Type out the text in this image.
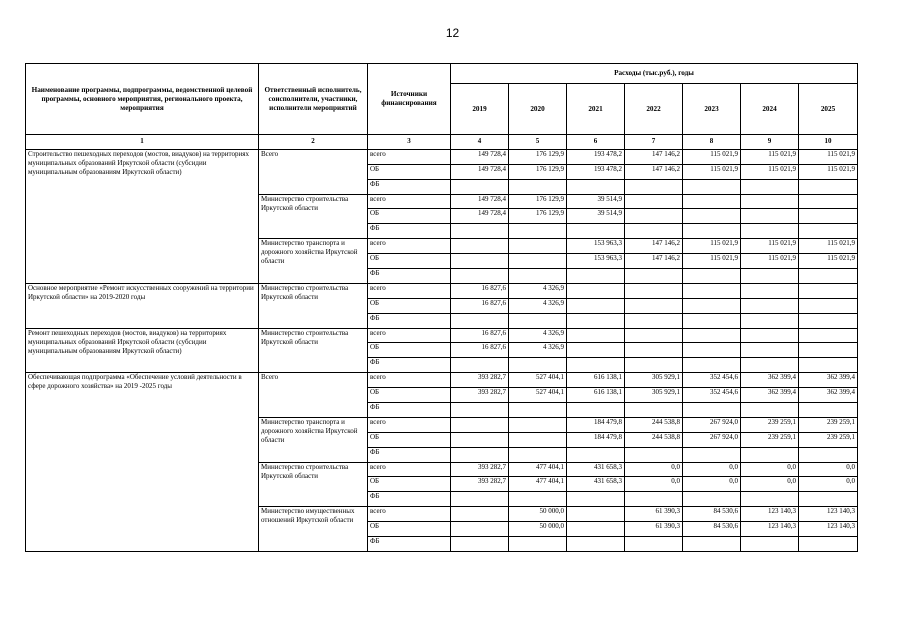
12
Наименование программы, подпрограммы, ведомственной целевой программы, основного мероприятия, регионального проекта, мероприятия	Ответственный исполнитель, соисполнители, участники, исполнители мероприятий	Источники финансирования	Расходы (тыс.руб.), годы						
			2019	2020	2021	2022	2023	2024	2025
1	2	3	4	5	6	7	8	9	10
Строительство пешеходных переходов (мостов, виадуков) на территориях муниципальных образований Иркутской области (субсидии муниципальным образованиям Иркутской области)	Всего	всего	149 728,4	176 129,9	193 478,2	147 146,2	115 021,9	115 021,9	115 021,9
		ОБ	149 728,4	176 129,9	193 478,2	147 146,2	115 021,9	115 021,9	115 021,9
		ФБ							
	Министерство строительства Иркутской области	всего	149 728,4	176 129,9	39 514,9				
		ОБ	149 728,4	176 129,9	39 514,9				
		ФБ							
	Министерство транспорта и дорожного хозяйства Иркутской области	всего			153 963,3	147 146,2	115 021,9	115 021,9	115 021,9
		ОБ			153 963,3	147 146,2	115 021,9	115 021,9	115 021,9
		ФБ							
Основное мероприятие «Ремонт искусственных сооружений на территории Иркутской области» на 2019-2020 годы	Министерство строительства Иркутской области	всего	16 827,6	4 326,9					
		ОБ	16 827,6	4 326,9					
		ФБ							
Ремонт пешеходных переходов (мостов, виадуков) на территориях муниципальных образований Иркутской области (субсидии муниципальным образованиям Иркутской области)	Министерство строительства Иркутской области	всего	16 827,6	4 326,9					
		ОБ	16 827,6	4 326,9					
		ФБ							
Обеспечивающая подпрограмма «Обеспечение условий деятельности в сфере дорожного хозяйства» на 2019 -2025 годы	Всего	всего	393 282,7	527 404,1	616 138,1	305 929,1	352 454,6	362 399,4	362 399,4
		ОБ	393 282,7	527 404,1	616 138,1	305 929,1	352 454,6	362 399,4	362 399,4
		ФБ							
	Министерство транспорта и дорожного хозяйства Иркутской области	всего			184 479,8	244 538,8	267 924,0	239 259,1	239 259,1
		ОБ			184 479,8	244 538,8	267 924,0	239 259,1	239 259,1
		ФБ							
	Министерство строительства Иркутской области	всего	393 282,7	477 404,1	431 658,3	0,0	0,0	0,0	0,0
		ОБ	393 282,7	477 404,1	431 658,3	0,0	0,0	0,0	0,0
		ФБ							
	Министерство имущественных отношений Иркутской области	всего		50 000,0		61 390,3	84 530,6	123 140,3	123 140,3
		ОБ		50 000,0		61 390,3	84 530,6	123 140,3	123 140,3
		ФБ							
